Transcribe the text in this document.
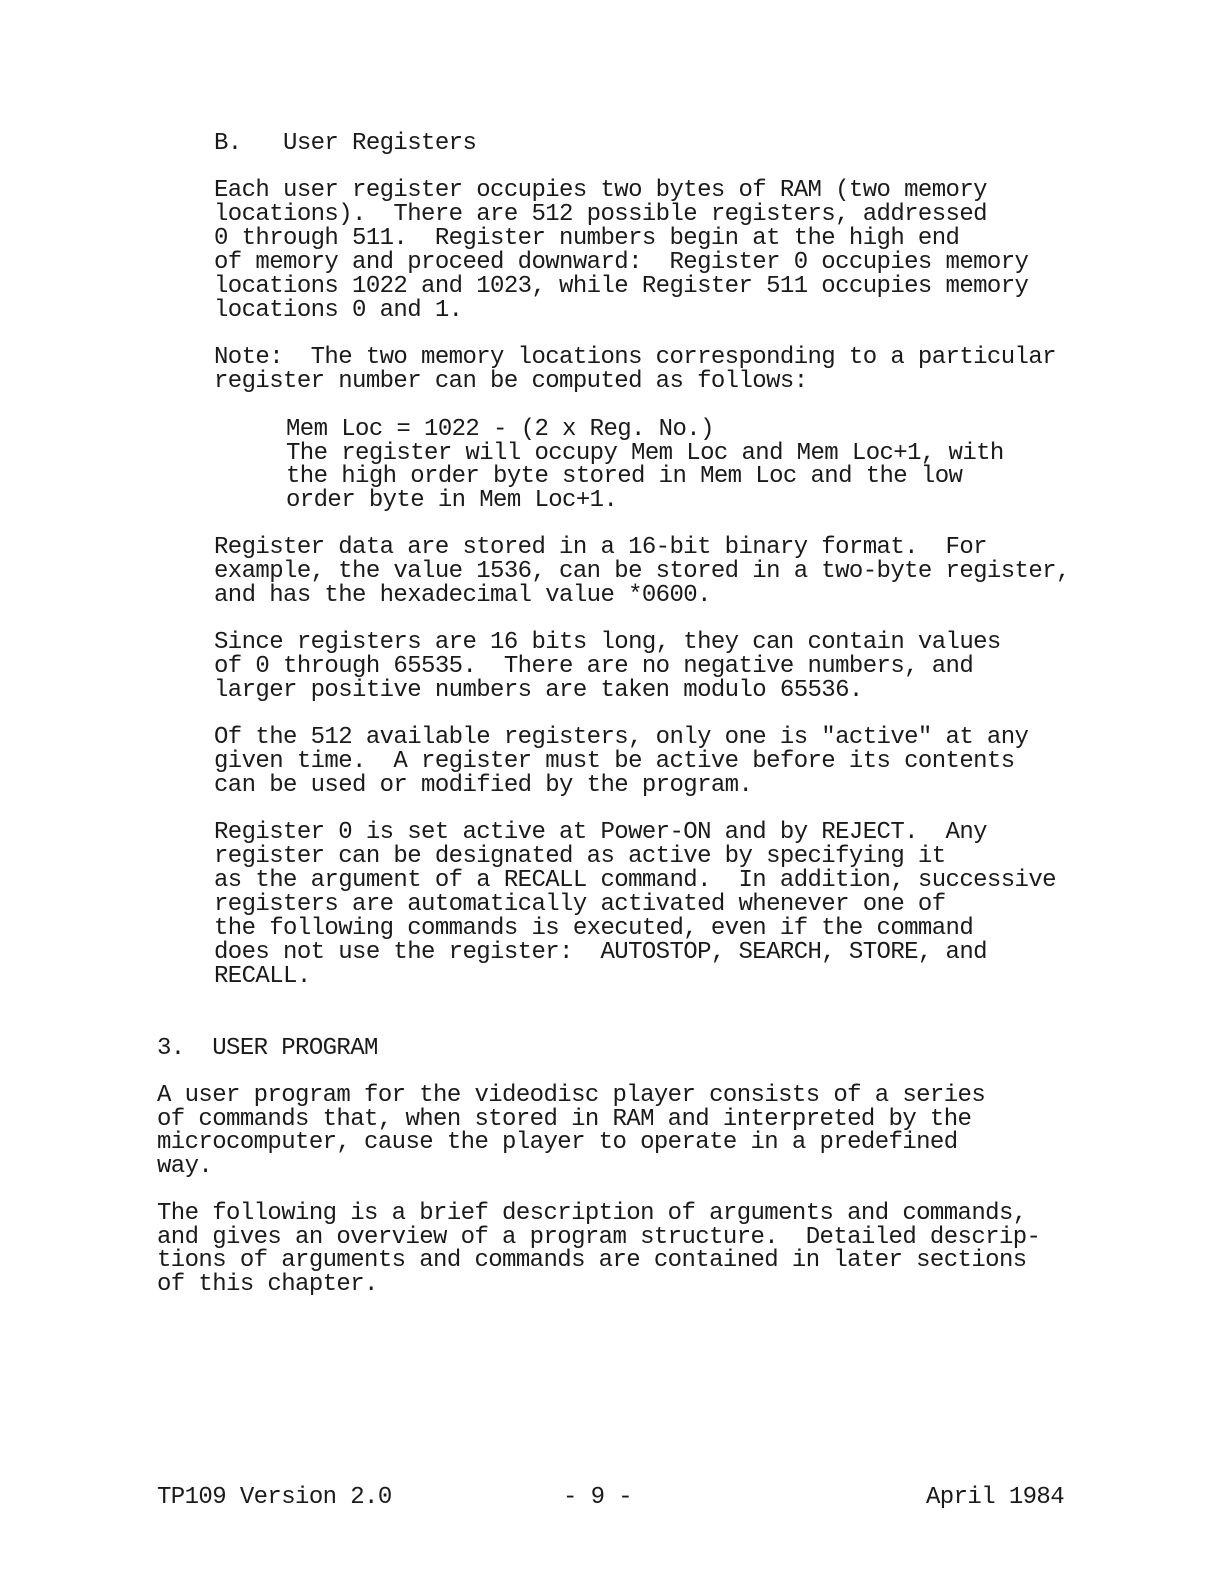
B.   User Registers
Each user register occupies two bytes of RAM (two memory
locations).  There are 512 possible registers, addressed
0 through 511.  Register numbers begin at the high end
of memory and proceed downward:  Register 0 occupies memory
locations 1022 and 1023, while Register 511 occupies memory
locations 0 and 1.
Note:  The two memory locations corresponding to a particular
register number can be computed as follows:
Mem Loc = 1022 - (2 x Reg. No.)
The register will occupy Mem Loc and Mem Loc+1, with
the high order byte stored in Mem Loc and the low
order byte in Mem Loc+1.
Register data are stored in a 16-bit binary format.  For
example, the value 1536, can be stored in a two-byte register,
and has the hexadecimal value *0600.
Since registers are 16 bits long, they can contain values
of 0 through 65535.  There are no negative numbers, and
larger positive numbers are taken modulo 65536.
Of the 512 available registers, only one is "active" at any
given time.  A register must be active before its contents
can be used or modified by the program.
Register 0 is set active at Power-ON and by REJECT.  Any
register can be designated as active by specifying it
as the argument of a RECALL command.  In addition, successive
registers are automatically activated whenever one of
the following commands is executed, even if the command
does not use the register:  AUTOSTOP, SEARCH, STORE, and
RECALL.
3.  USER PROGRAM
A user program for the videodisc player consists of a series
of commands that, when stored in RAM and interpreted by the
microcomputer, cause the player to operate in a predefined
way.
The following is a brief description of arguments and commands,
and gives an overview of a program structure.  Detailed descrip-
tions of arguments and commands are contained in later sections
of this chapter.
TP109 Version 2.0	- 9 -	April 1984
